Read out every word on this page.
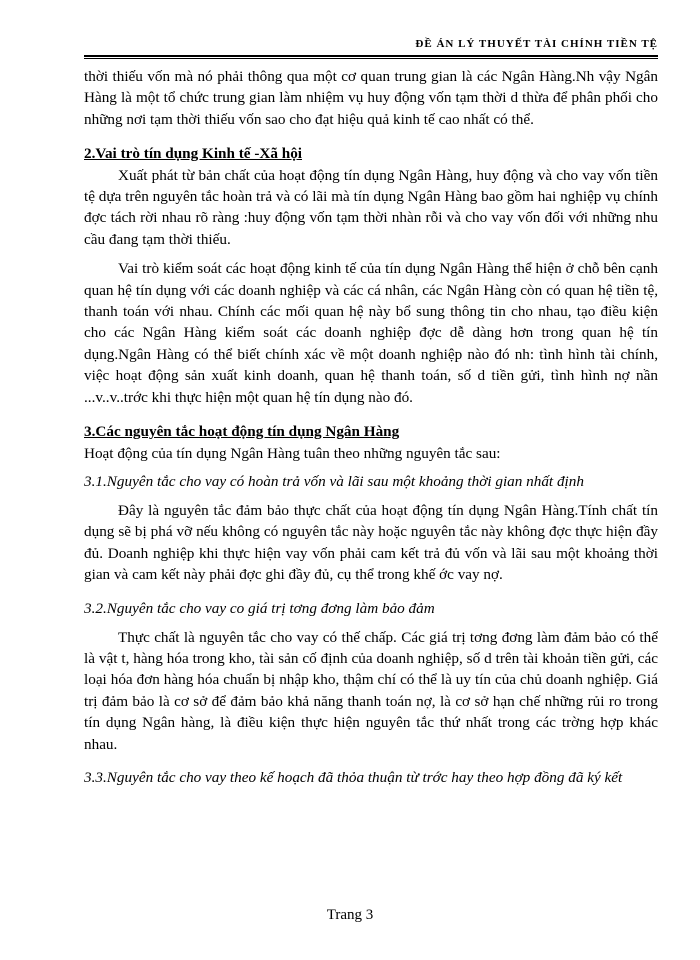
ĐỀ ÁN LÝ THUYẾT TÀI CHÍNH TIỀN TỆ

thời thiếu vốn mà nó phải thông qua một cơ quan trung gian là các Ngân Hàng.Nh vậy Ngân Hàng là một tổ chức trung gian làm nhiệm vụ huy động vốn tạm thời d thừa để phân phối cho những nơi tạm thời thiếu vốn sao cho đạt hiệu quả kinh tế cao nhất có thể.

2.Vai trò tín dụng Kinh tế -Xã hội

Xuất phát từ bản chất của hoạt động tín dụng Ngân Hàng, huy động và cho vay vốn tiền tệ dựa trên nguyên tắc hoàn trả và có lãi mà tín dụng Ngân Hàng bao gồm hai nghiệp vụ chính đợc tách rời nhau rõ ràng :huy động vốn tạm thời nhàn rỗi và cho vay vốn đối với những nhu cầu đang tạm thời thiếu.

Vai trò kiểm soát các hoạt động kinh tế của tín dụng Ngân Hàng thể hiện ở chỗ bên cạnh quan hệ tín dụng với các doanh nghiệp và các cá nhân, các Ngân Hàng còn có quan hệ tiền tệ, thanh toán với nhau. Chính các mối quan hệ này bổ sung thông tin cho nhau, tạo điều kiện cho các Ngân Hàng kiểm soát các doanh nghiệp đợc dễ dàng hơn trong quan hệ tín dụng.Ngân Hàng có thể biết chính xác về một doanh nghiệp nào đó nh: tình hình tài chính, việc hoạt động sản xuất kinh doanh, quan hệ thanh toán, số d tiền gửi, tình hình nợ nần ...v..v..trớc khi thực hiện một quan hệ tín dụng nào đó.

3.Các nguyên tắc hoạt động tín dụng Ngân Hàng

Hoạt động của tín dụng Ngân Hàng tuân theo những nguyên tắc sau:

3.1.Nguyên tắc cho vay có hoàn trả vốn và lãi sau một khoảng thời gian nhất định

Đây là nguyên tắc đảm bảo thực chất của hoạt động tín dụng Ngân Hàng.Tính chất tín dụng sẽ bị phá vỡ nếu không có nguyên tắc này hoặc nguyên tắc này không đợc thực hiện đầy đủ. Doanh nghiệp khi thực hiện vay vốn phải cam kết trả đủ vốn và lãi sau một khoảng thời gian và cam kết này phải đợc ghi đầy đủ, cụ thể trong khế ớc vay nợ.

3.2.Nguyên tắc cho vay co giá trị tơng đơng làm bảo đảm

Thực chất là nguyên tắc cho vay có thế chấp. Các giá trị tơng đơng làm đảm bảo có thể là vật t, hàng hóa trong kho, tài sản cố định của doanh nghiệp, số d trên tài khoản tiền gửi, các loại hóa đơn hàng hóa chuẩn bị nhập kho, thậm chí có thể là uy tín của chủ doanh nghiệp. Giá trị đảm bảo là cơ sở để đảm bảo khả năng thanh toán nợ, là cơ sở hạn chế những rủi ro trong tín dụng Ngân hàng, là điều kiện thực hiện nguyên tắc thứ nhất trong các trờng hợp khác nhau.

3.3.Nguyên tắc cho vay theo kế hoạch đã thỏa thuận từ trớc hay theo hợp đồng đã ký kết
Trang 3
